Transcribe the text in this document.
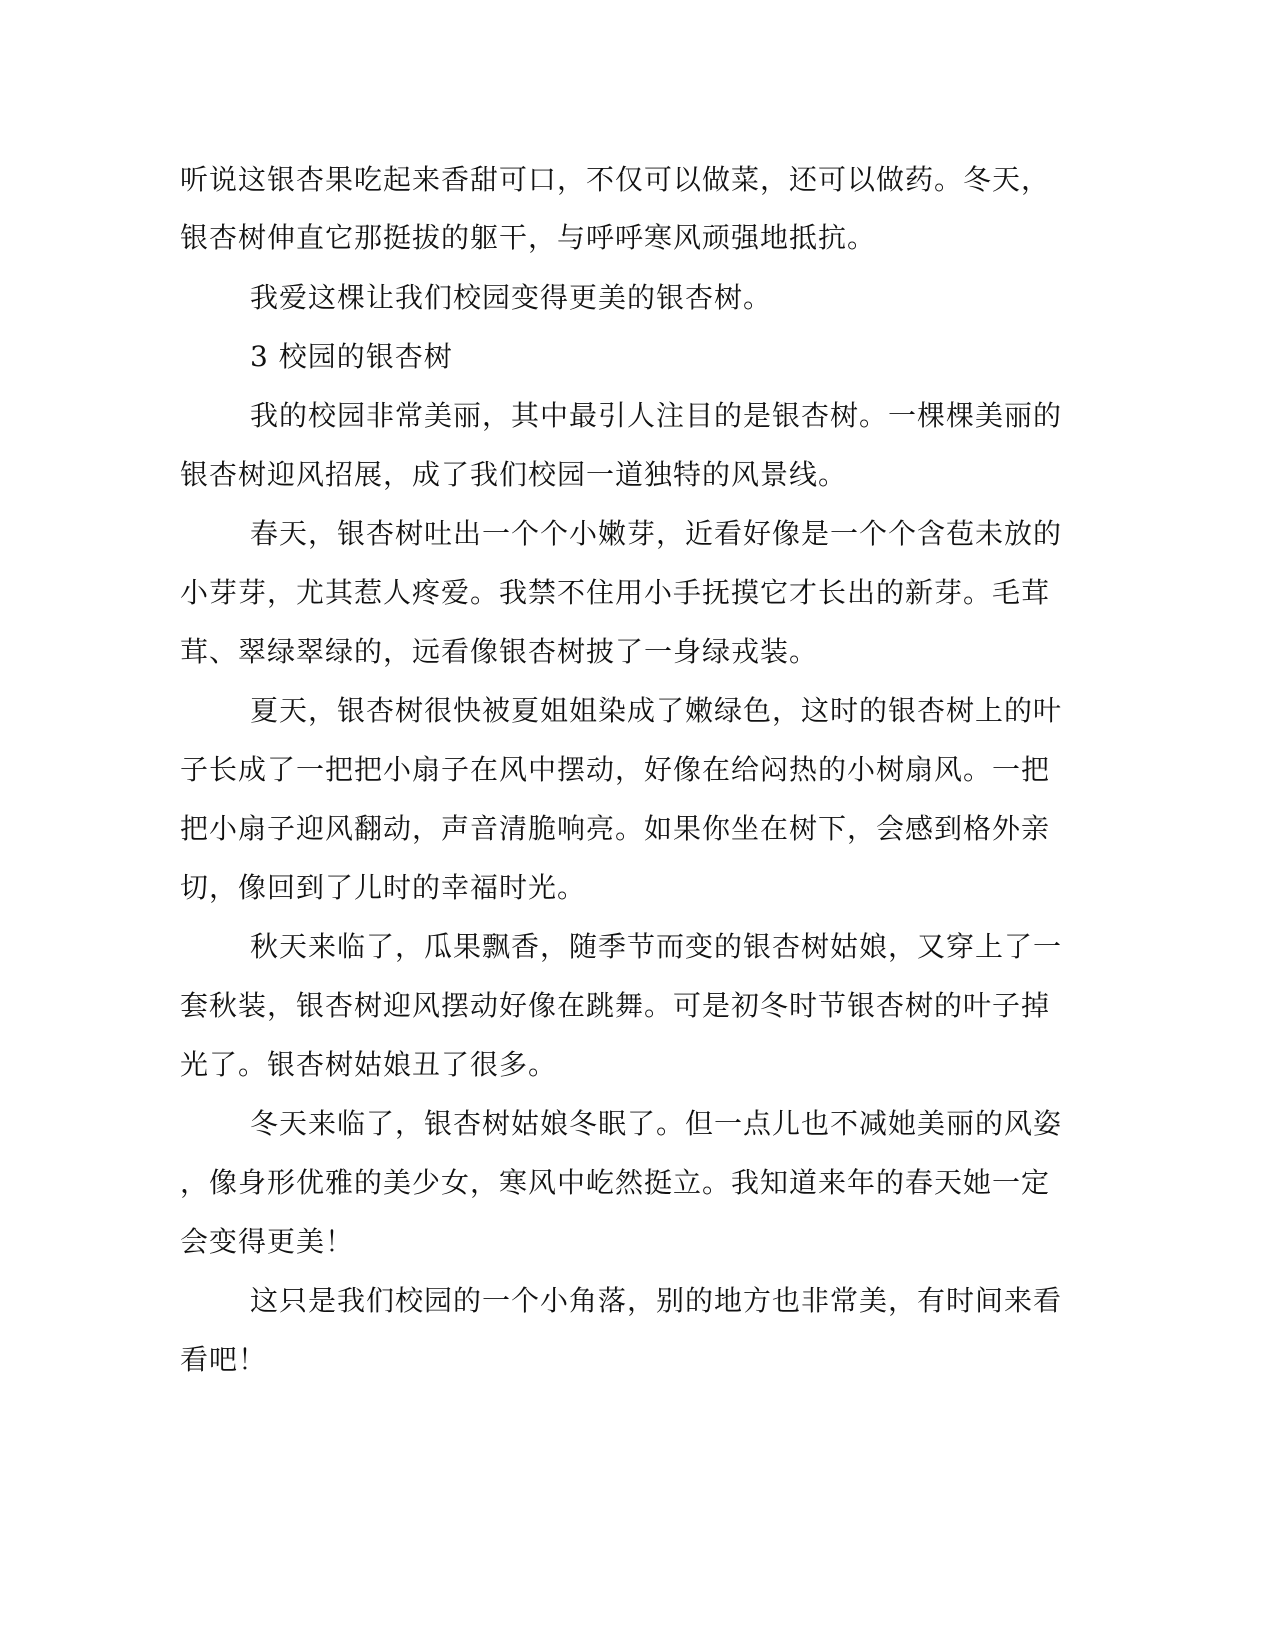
听说这银杏果吃起来香甜可口，不仅可以做菜，还可以做药。冬天，
银杏树伸直它那挺拔的躯干，与呼呼寒风顽强地抵抗。
我爱这棵让我们校园变得更美的银杏树。
3 校园的银杏树
我的校园非常美丽，其中最引人注目的是银杏树。一棵棵美丽的
银杏树迎风招展，成了我们校园一道独特的风景线。
春天，银杏树吐出一个个小嫩芽，近看好像是一个个含苞未放的
小芽芽，尤其惹人疼爱。我禁不住用小手抚摸它才长出的新芽。毛茸
茸、翠绿翠绿的，远看像银杏树披了一身绿戎装。
夏天，银杏树很快被夏姐姐染成了嫩绿色，这时的银杏树上的叶
子长成了一把把小扇子在风中摆动，好像在给闷热的小树扇风。一把
把小扇子迎风翻动，声音清脆响亮。如果你坐在树下，会感到格外亲
切，像回到了儿时的幸福时光。
秋天来临了，瓜果飘香，随季节而变的银杏树姑娘，又穿上了一
套秋装，银杏树迎风摆动好像在跳舞。可是初冬时节银杏树的叶子掉
光了。银杏树姑娘丑了很多。
冬天来临了，银杏树姑娘冬眠了。但一点儿也不减她美丽的风姿
，像身形优雅的美少女，寒风中屹然挺立。我知道来年的春天她一定
会变得更美！
这只是我们校园的一个小角落，别的地方也非常美，有时间来看
看吧！
